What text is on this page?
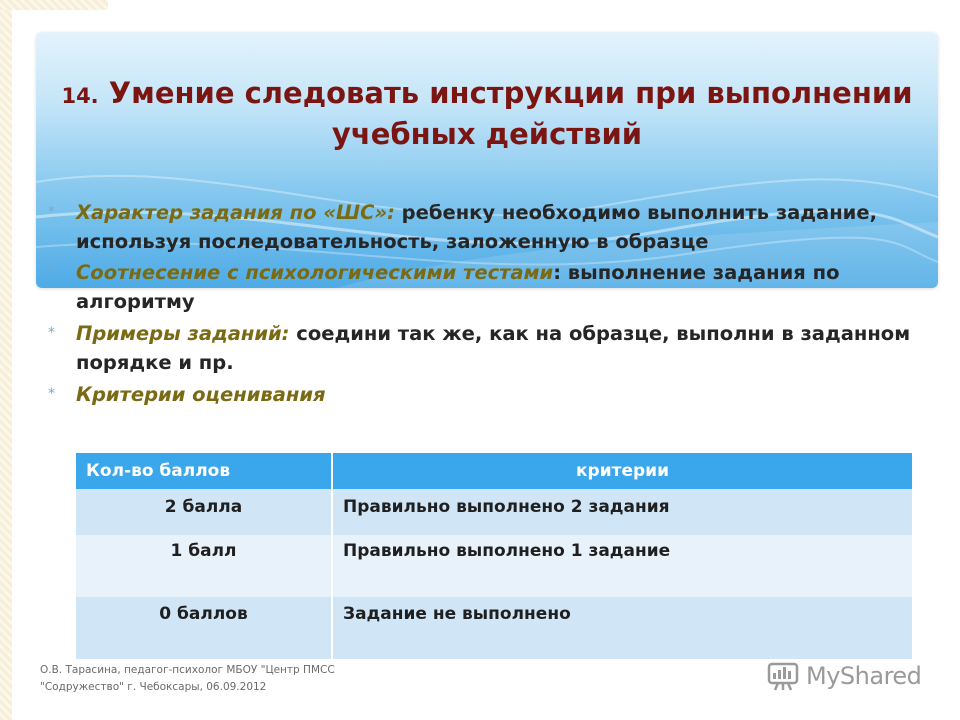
14. Умение следовать инструкции при выполнении учебных действий
* Характер задания по «ШС»: ребенку необходимо выполнить задание, используя последовательность, заложенную в образце
* Соотнесение с психологическими тестами: выполнение задания по алгоритму
* Примеры заданий: соедини так же, как на образце, выполни в заданном порядке и пр.
* Критерии оценивания
Кол-во баллов	критерии
2 балла	Правильно выполнено 2 задания
1 балл	Правильно выполнено 1 задание
0 баллов	Задание не выполнено
О.В. Тарасина, педагог-психолог МБОУ "Центр ПМСС
"Содружество" г. Чебоксары, 06.09.2012	MyShared
